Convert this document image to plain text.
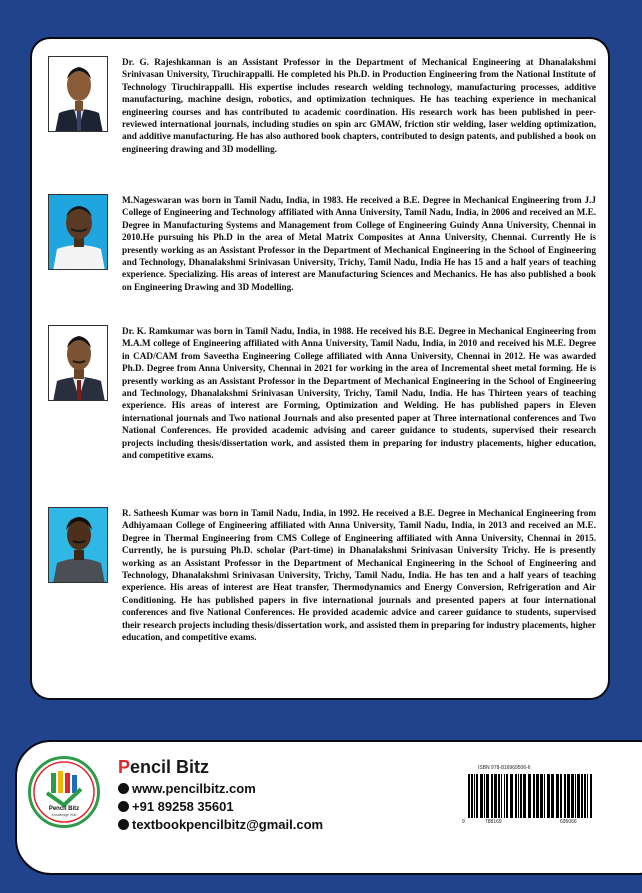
Dr. G. Rajeshkannan is an Assistant Professor in the Department of Mechanical Engineering at Dhanalakshmi Srinivasan University, Tiruchirappalli. He completed his Ph.D. in Production Engineering from the National Institute of Technology Tiruchirappalli. His expertise includes research welding technology, manufacturing processes, additive manufacturing, machine design, robotics, and optimization techniques. He has teaching experience in mechanical engineering courses and has contributed to academic coordination. His research work has been published in peer-reviewed international journals, including studies on spin arc GMAW, friction stir welding, laser welding optimization, and additive manufacturing. He has also authored book chapters, contributed to design patents, and published a book on engineering drawing and 3D modelling.

M.Nageswaran was born in Tamil Nadu, India, in 1983. He received a B.E. Degree in Mechanical Engineering from J.J College of Engineering and Technology affiliated with Anna University, Tamil Nadu, India, in 2006 and received an M.E. Degree in Manufacturing Systems and Management from College of Engineering Guindy Anna University, Chennai in 2010.He pursuing his Ph.D in the area of Metal Matrix Composites at Anna University, Chennai. Currently He is presently working as an Assistant Professor in the Department of Mechanical Engineering in the School of Engineering and Technology, Dhanalakshmi Srinivasan University, Trichy, Tamil Nadu, India He has 15 and a half years of teaching experience. Specializing. His areas of interest are Manufacturing Sciences and Mechanics. He has also published a book on Engineering Drawing and 3D Modelling.

Dr. K. Ramkumar was born in Tamil Nadu, India, in 1988. He received his B.E. Degree in Mechanical Engineering from M.A.M college of Engineering affiliated with Anna University, Tamil Nadu, India, in 2010 and received his M.E. Degree in CAD/CAM from Saveetha Engineering College affiliated with Anna University, Chennai in 2012. He was awarded Ph.D. Degree from Anna University, Chennai in 2021 for working in the area of Incremental sheet metal forming. He is presently working as an Assistant Professor in the Department of Mechanical Engineering in the School of Engineering and Technology, Dhanalakshmi Srinivasan University, Trichy, Tamil Nadu, India. He has Thirteen years of teaching experience. His areas of interest are Forming, Optimization and Welding. He has published papers in Eleven international journals and Two national Journals and also presented paper at Three international conferences and Two National Conferences. He provided academic advising and career guidance to students, supervised their research projects including thesis/dissertation work, and assisted them in preparing for industry placements, higher education, and competitive exams.

R. Satheesh Kumar was born in Tamil Nadu, India, in 1992. He received a B.E. Degree in Mechanical Engineering from Adhiyamaan College of Engineering affiliated with Anna University, Tamil Nadu, India, in 2013 and received an M.E. Degree in Thermal Engineering from CMS College of Engineering affiliated with Anna University, Chennai in 2015. Currently, he is pursuing Ph.D. scholar (Part-time) in Dhanalakshmi Srinivasan University Trichy. He is presently working as an Assistant Professor in the Department of Mechanical Engineering in the School of Engineering and Technology, Dhanalakshmi Srinivasan University, Trichy, Tamil Nadu, India. He has ten and a half years of teaching experience. His areas of interest are Heat transfer, Thermodynamics and Energy Conversion, Refrigeration and Air Conditioning. He has published papers in five international journals and presented papers at four international conferences and five National Conferences. He provided academic advice and career guidance to students, supervised their research projects including thesis/dissertation work, and assisted them in preparing for industry placements, higher education, and competitive exams.

Pencil Bitz
Knowledge Hub
Pencil Bitz
www.pencilbitz.com
+91 89258 35601
textbookpencilbitz@gmail.com
ISBN 978-816969506-6
9	788169	695066
